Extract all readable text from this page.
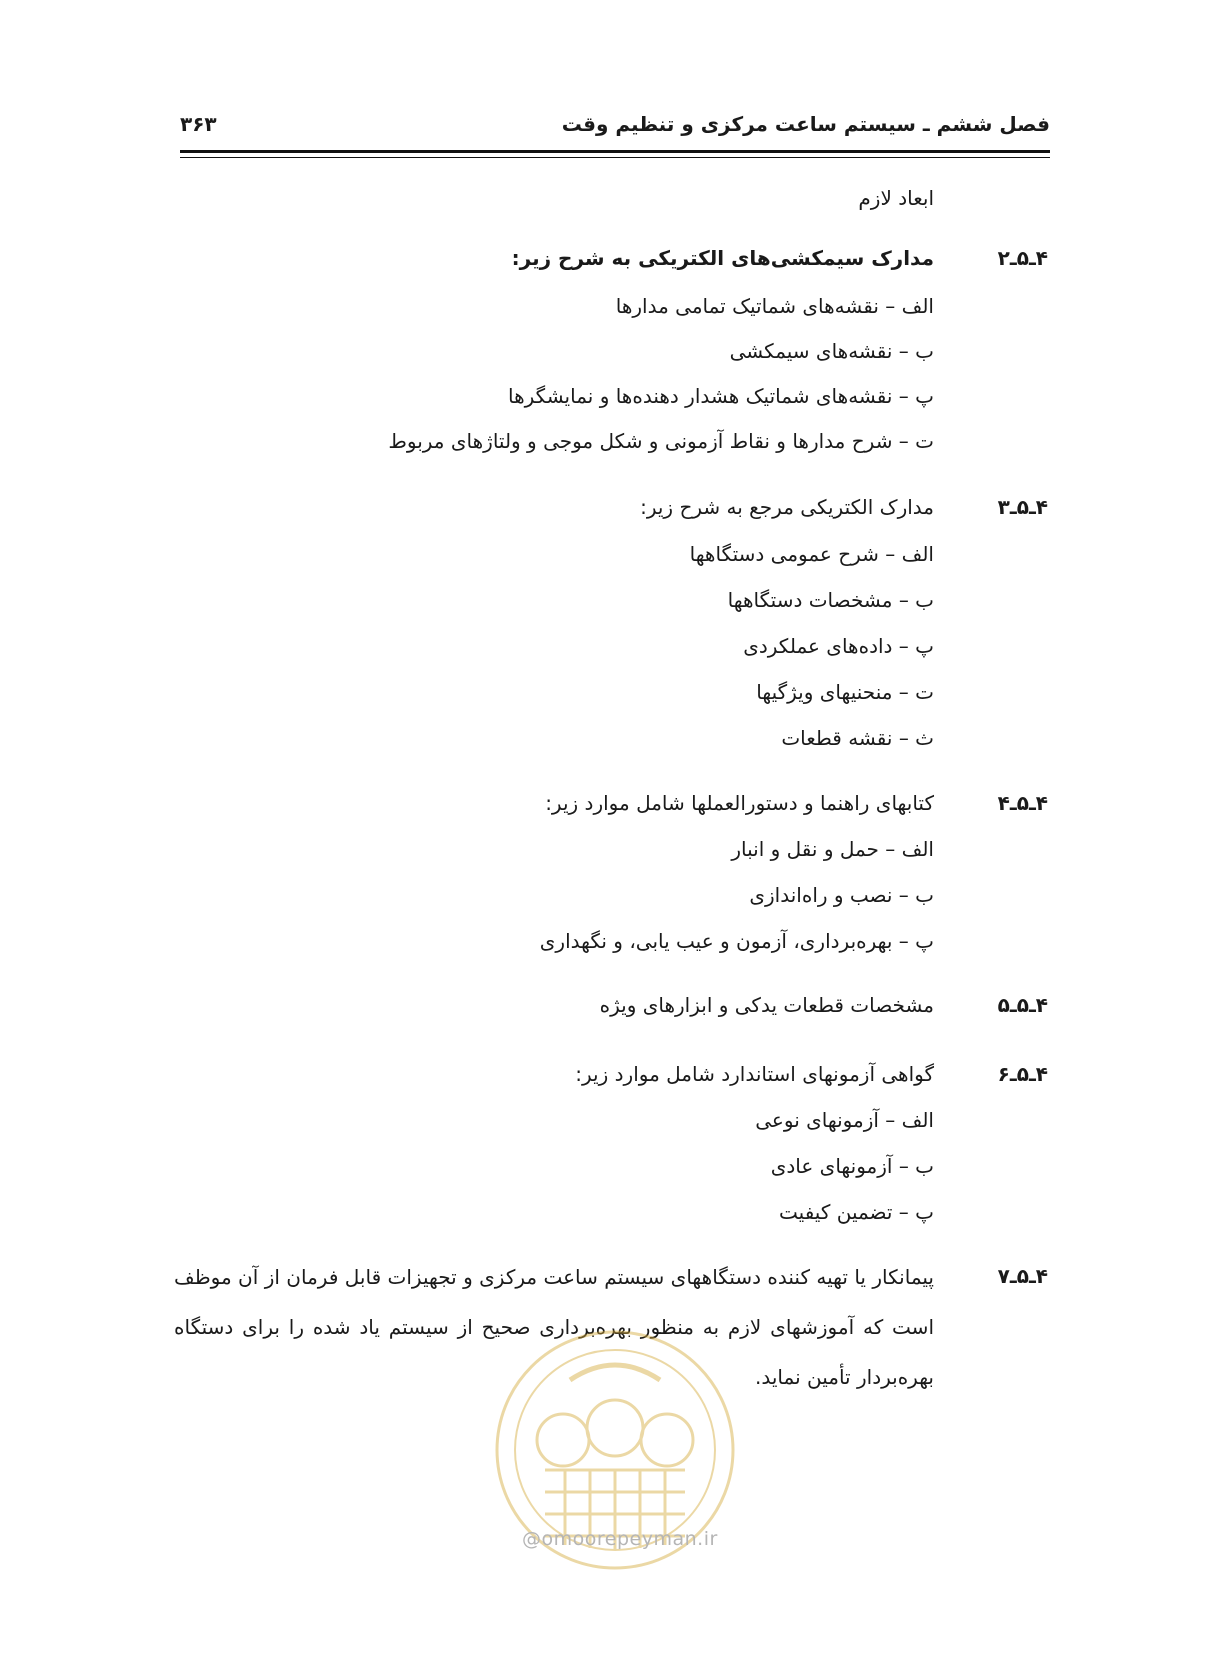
فصل ششم ـ سیستم ساعت مرکزی و تنظیم وقت
۳۶۳
ابعاد لازم
۴ـ۵ـ۲
مدارک سیمکشی‌های الکتریکی به شرح زیر:
الف – نقشه‌های شماتیک تمامی مدارها
ب – نقشه‌های سیمکشی
پ – نقشه‌های شماتیک هشدار دهنده‌ها و نمایشگرها
ت – شرح مدارها و نقاط آزمونی و شکل موجی و ولتاژهای مربوط
۴ـ۵ـ۳
مدارک الکتریکی مرجع به شرح زیر:
الف – شرح عمومی دستگاهها
ب – مشخصات دستگاهها
پ – داده‌های عملکردی
ت – منحنیهای ویژگیها
ث – نقشه قطعات
۴ـ۵ـ۴
کتابهای راهنما و دستورالعملها شامل موارد زیر:
الف – حمل و نقل و انبار
ب – نصب و راه‌اندازی
پ – بهره‌برداری، آزمون و عیب یابی، و نگهداری
۴ـ۵ـ۵
مشخصات قطعات یدکی و ابزارهای ویژه
۴ـ۵ـ۶
گواهی آزمونهای استاندارد شامل موارد زیر:
الف – آزمونهای نوعی
ب – آزمونهای عادی
پ – تضمین کیفیت
۴ـ۵ـ۷
پیمانکار یا تهیه کننده دستگاههای سیستم ساعت مرکزی و تجهیزات قابل فرمان از آن موظف است که آموزشهای لازم به منظور بهره‌برداری صحیح از سیستم یاد شده را برای دستگاه بهره‌بردار تأمین نماید.
@omoorepeyman.ir
